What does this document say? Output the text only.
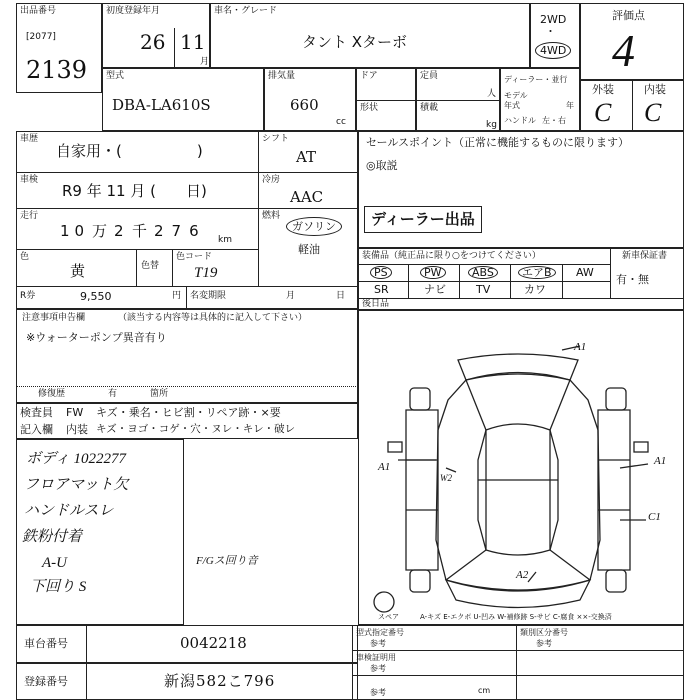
出品番号
[2077]
2139
初度登録年月
26 11
月
車名・グレード
タント Xターボ
2WD
・
4WD
評価点
4
型式
DBA-LA610S
排気量
660
cc
ドア
形状
定員
人
積載
kg
ディーラー・並行
モデル
年式	年
ハンドル 左・右
外装	内装
C C
車歴
自家用・(　　　　　)
シフト
AT
車検
R9 年 11 月 (　　日)
冷房
AAC
走行
10 万 2 千 276 km
燃料
ガソリン
軽油
色
黄	色替
色コード
T19
R券	9,550	円 名変期限	月	日
注意事項申告欄	（該当する内容等は具体的に記入して下さい）
※ウォーターポンプ異音有り
修復歴	有	箇所
検査員
記入欄
FW キズ・乗名・ヒビ割・リペア跡・×要
内装 キズ・ヨゴ・コゲ・穴・ヌレ・キレ・破レ
ボディ 1022277
フロアマット欠
ハンドルスレ
鉄粉付着
A-U
下回り S
F/Gス回り音
セールスポイント（正常に機能するものに限ります）
◎取説
ディーラー出品
装備品（純正品に限り○をつけてください）	新車保証書
有・無
PS	PW	ABS	エアB	AW
SR	ナビ	TV	カワ
後日品
A1
A1
W2
A1
C1
A2
スペア	A-キズ E-エクボ U-凹み W-補修跡 S-サビ C-腐食 ××-交換済
車台番号	0042218
登録番号	新潟582こ796
型式指定番号
参考
類別区分番号
参考
車検証明用
参考
cm
参考
